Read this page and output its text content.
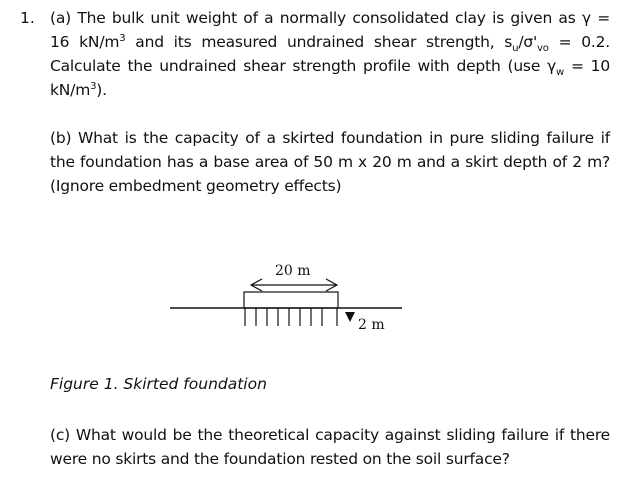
1. (a) The bulk unit weight of a normally consolidated clay is given as γ = 16 $kN/m^3$ and its measured undrained shear strength, $s_u/\sigma'_{vo} = 0.2$. Calculate the undrained shear strength profile with depth (use $\gamma_w = 10$ $kN/m^3$).

(b) What is the capacity of a skirted foundation in pure sliding failure if the foundation has a base area of 50 m x 20 m and a skirt depth of 2 m? (Ignore embedment geometry effects)

20 m
2 m

Figure 1. Skirted foundation

(c) What would be the theoretical capacity against sliding failure if there were no skirts and the foundation rested on the soil surface?
